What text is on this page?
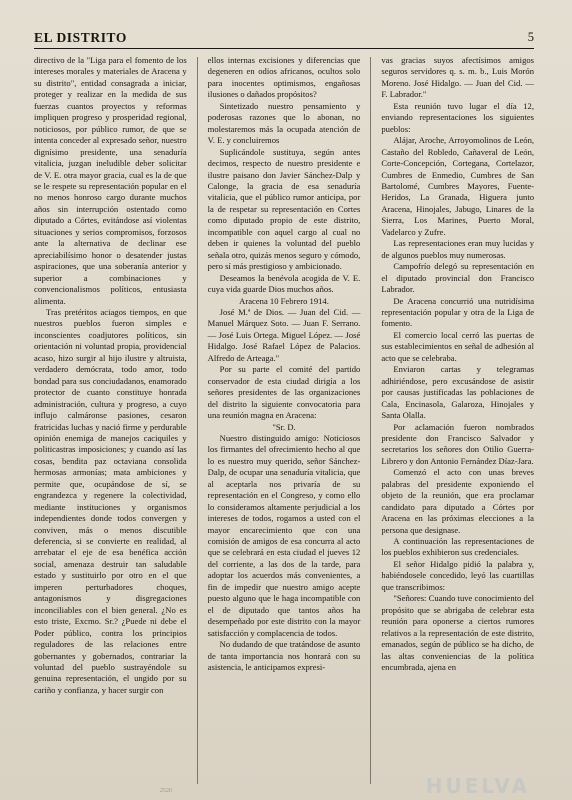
EL DISTRITO	5

directivo de la "Liga para el fomento de los intereses morales y materiales de Aracena y su distrito", entidad consagrada a iniciar, proteger y realizar en la medida de sus fuerzas cuantos proyectos y reformas impliquen progreso y prosperidad regional, noticiosos, por público rumor, de que se intenta conceder al expresado señor, nuestro dignísimo presidente, una senaduría vitalicia, juzgan ineludible deber solicitar de V. E. otra mayor gracia, cual es la de que se le respete su representación popular en el no menos honroso cargo durante muchos años sin interrupción ostentado como diputado a Córtes, evitándose así violentas situaciones y serios compromisos, forzosos ante la alternativa de declinar ese apreciabilísimo honor o desatender justas aspiraciones, que una soberanía anterior y superior a combinaciones y convencionalismos políticos, entusiasta alimenta.

Tras pretéritos aciagos tiempos, en que nuestros pueblos fueron simples e inconscientes coadjutores políticos, sin orientación ni voluntad propia, providencial acaso, hizo surgir al hijo ilustre y altruista, verdadero demócrata, todo amor, todo bondad para sus conciudadanos, enamorado protector de cuanto constituye honrada administración, cultura y progreso, a cuyo influjo calmáronse pasiones, cesaron fratricidas luchas y nació firme y perdurable opinión enemiga de manejos caciquiles y politicastras imposiciones; y cuando así las cosas, bendita paz octaviana consolida hermosas armonías; mata ambiciones y permite que, ocupándose de sí, se engrandezca y regenere la colectividad, mediante instituciones y organismos independientes donde todos convergen y conviven, más o menos discutible deferencia, si se convierte en realidad, al arrebatar el eje de esa benéfica acción social, amenaza destruir tan saludable estado y sustituirlo por otro en el que imperen perturbadores choques, antagonismos y disgregaciones inconciliables con el bien general. ¿No es esto triste, Excmo. Sr.? ¿Puede ni debe el Poder público, contra los principios reguladores de las relaciones entre gobernantes y gobernados, contrariar la voluntad del pueblo sustrayéndole su genuina representación, el ungido por su cariño y confianza, y hacer surgir con

ellos internas excisiones y diferencias que degeneren en odios africanos, ocultos solo para inocentes optimismos, engañosas ilusiones o dañados propósitos?

Sintetizado nuestro pensamiento y poderosas razones que lo abonan, no molestaremos más la ocupada atención de V. E. y concluiremos

Suplicándole sustituya, según antes decimos, respecto de nuestro presidente e ilustre paisano don Javier Sánchez-Dalp y Calonge, la gracia de esa senaduría vitalicia, que el público rumor anticipa, por la de respetar su representación en Cortes como diputado propio de este distrito, incompatible con aquel cargo al cual no deben ir quienes la voluntad del pueblo señala otro, quizás menos seguro y cómodo, pero sí más prestigioso y ambicionado.

Deseamos la benévola acogida de V. E. cuya vida guarde Dios muchos años.

Aracena 10 Febrero 1914.

José M.ª de Dios. — Juan del Cid. — Manuel Márquez Soto. — Juan F. Serrano. — José Luis Ortega. Miguel López. — José Hidalgo. José Rafael López de Palacios. Alfredo de Arteaga."

Por su parte el comité del partido conservador de esta ciudad dirigía a los señores presidentes de las organizaciones del distrito la siguiente convocatoria para una reunión magna en Aracena:

"Sr. D.

Nuestro distinguido amigo: Noticiosos los firmantes del ofrecimiento hecho al que lo es nuestro muy querido, señor Sánchez-Dalp, de ocupar una senaduría vitalicia, que al aceptarla nos privaría de su representación en el Congreso, y como ello lo consideramos altamente perjudicial a los intereses de todos, rogamos a usted con el mayor encarecimiento que con una comisión de amigos de esa concurra al acto que se celebrará en esta ciudad el jueves 12 del corriente, a las dos de la tarde, para adoptar los acuerdos más convenientes, a fin de impedir que nuestro amigo acepte puesto alguno que le haga incompatible con el de diputado que tantos años ha desempeñado por este distrito con la mayor satisfacción y complacencia de todos.

No dudando de que tratándose de asunto de tanta importancia nos honrará con su asistencia, le anticipamos expresi-

vas gracias suyos afectísimos amigos seguros servidores q. s. m. b., Luis Morón Moreno. José Hidalgo. — Juan del Cid. — F. Labrador."

Esta reunión tuvo lugar el día 12, enviando representaciones los siguientes pueblos:

Alájar, Aroche, Arroyomolinos de León, Castaño del Robledo, Cañaveral de León, Corte-Concepción, Cortegana, Cortelazor, Cumbres de Enmedio, Cumbres de San Bartolomé, Cumbres Mayores, Fuente-Heridos, La Granada, Higuera junto Aracena, Hinojales, Jabugo, Linares de la Sierra, Los Marines, Puerto Moral, Vadelarco y Zufre.

Las representaciones eran muy lucidas y de algunos pueblos muy numerosas.

Campofrío delegó su representación en el diputado provincial don Francisco Labrador.

De Aracena concurrió una nutridísima representación popular y otra de la Liga de fomento.

El comercio local cerró las puertas de sus establecimientos en señal de adhesión al acto que se celebraba.

Enviaron cartas y telegramas adhiriéndose, pero excusándose de asistir por causas justificadas las poblaciones de Cala, Encinasola, Galaroza, Hinojales y Santa Olalla.

Por aclamación fueron nombrados presidente don Francisco Salvador y secretarios los señores don Otilio Guerra-Librero y don Antonio Fernández Díaz-Jara.

Comenzó el acto con unas breves palabras del presidente exponiendo el objeto de la reunión, que era proclamar candidato para diputado a Córtes por Aracena en las próximas elecciones a la persona que designase.

A continuación las representaciones de los pueblos exhibieron sus credenciales.

El señor Hidalgo pidió la palabra y, habiéndosele concedido, leyó las cuartillas que transcribimos:

"Señores: Cuando tuve conocimiento del propósito que se abrigaba de celebrar esta reunión para oponerse a ciertos rumores relativos a la representación de este distrito, emanados, según de público se ha dicho, de las altas conveniencias de la política encumbrada, ajena en

2520	HUELVA
